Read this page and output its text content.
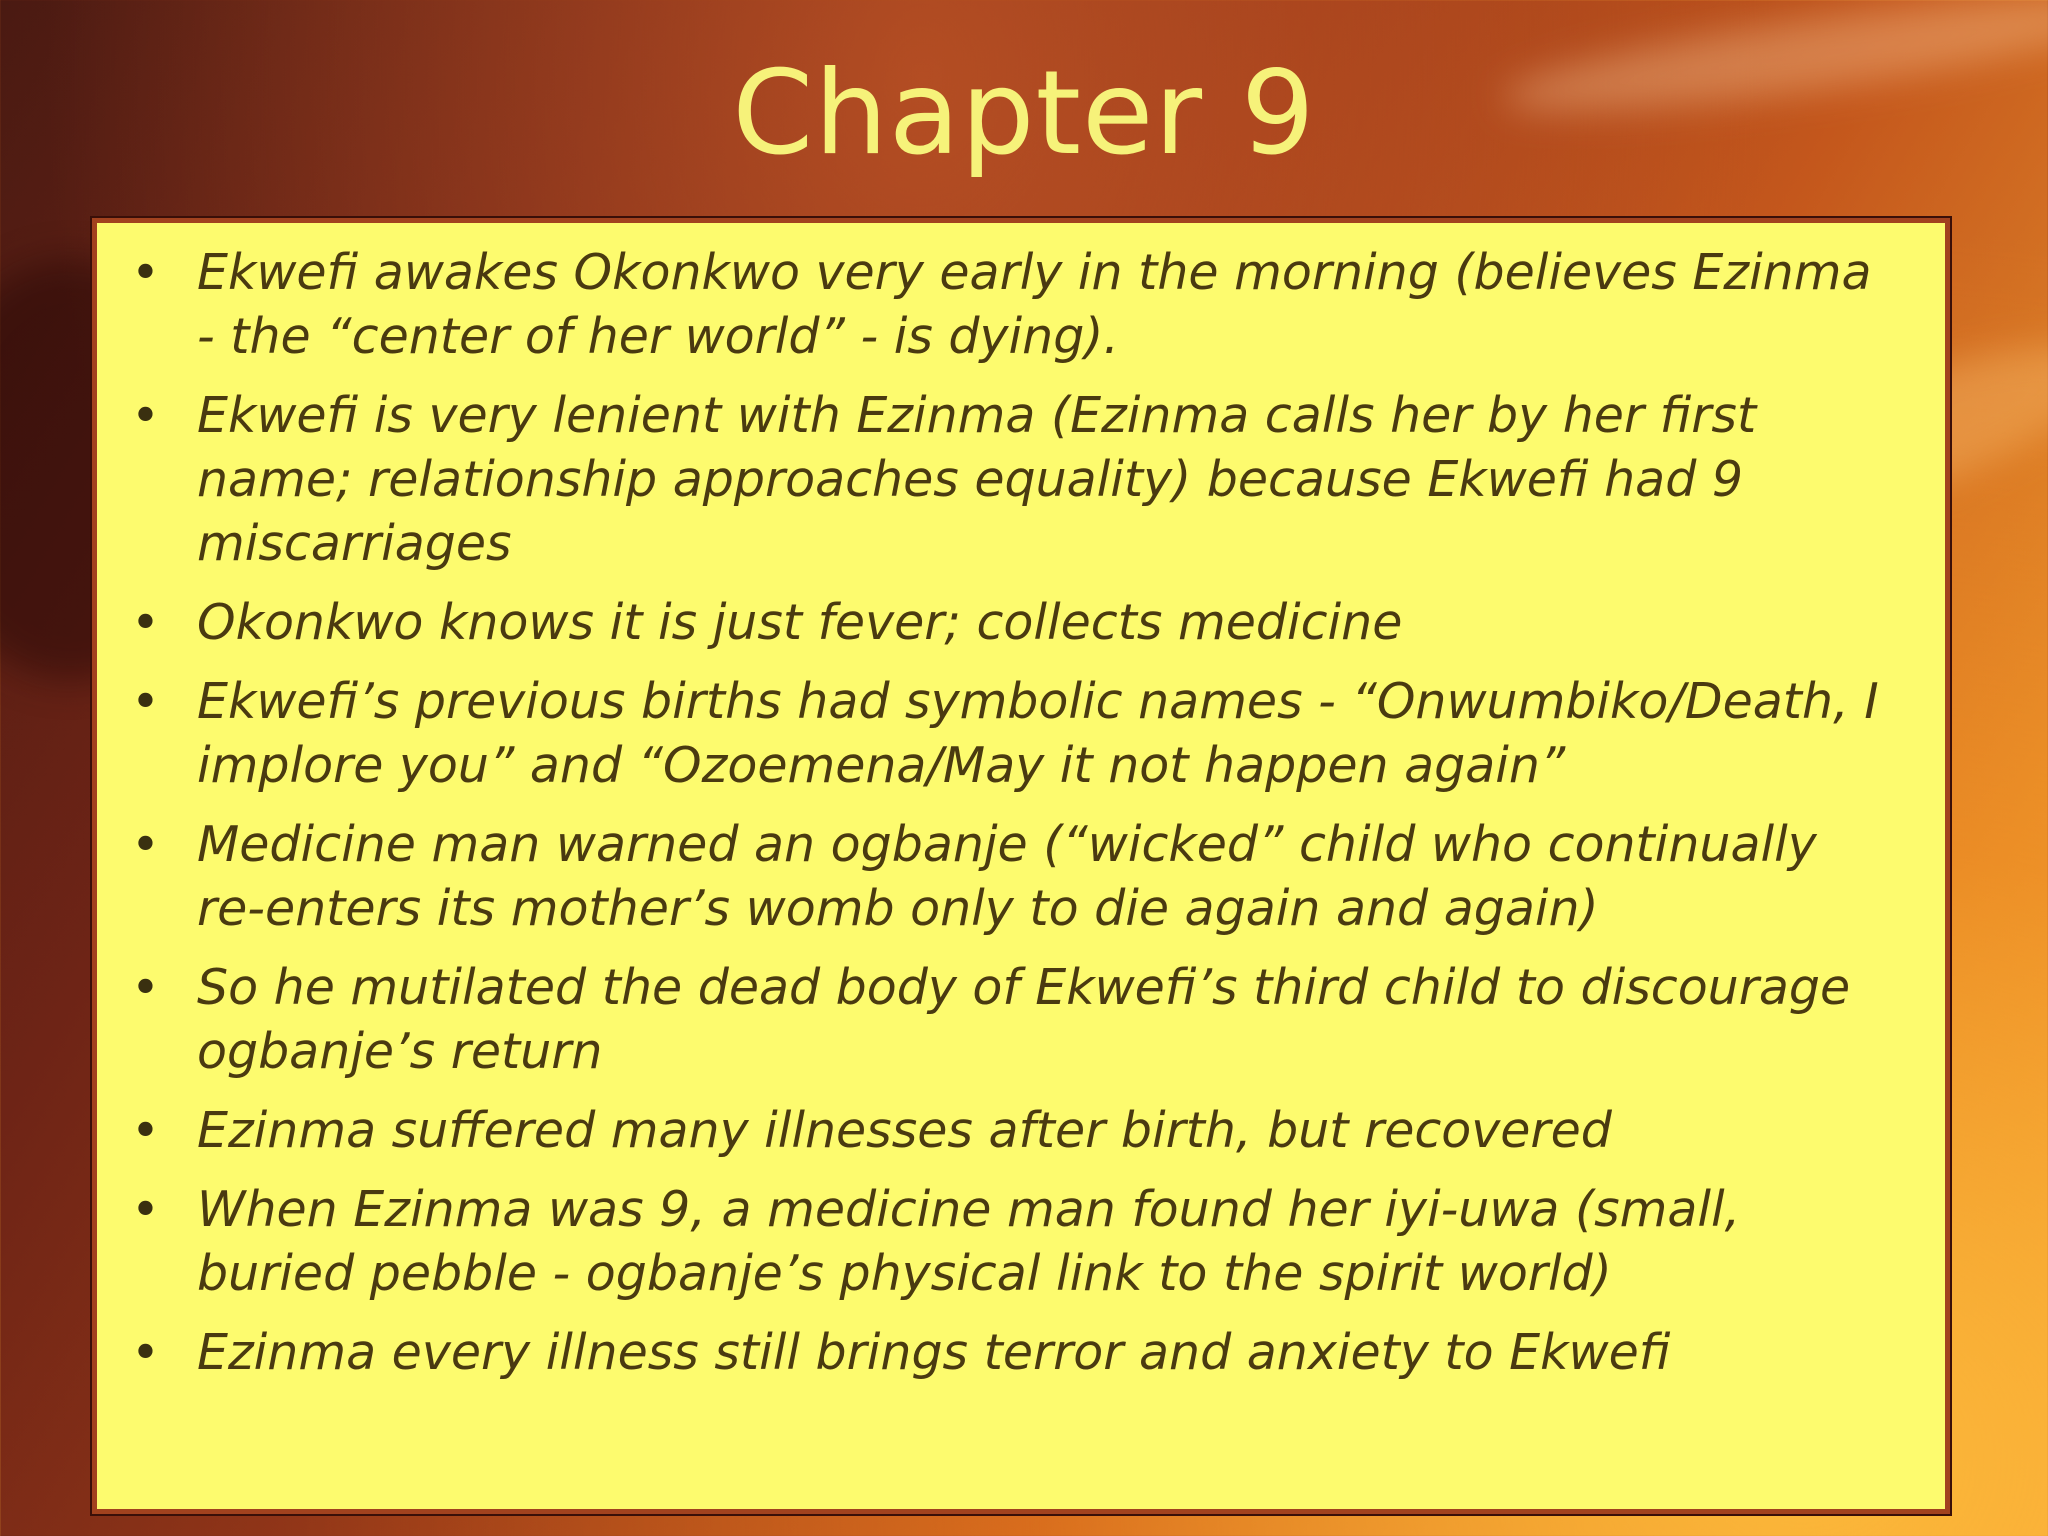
Chapter 9
• Ekwefi awakes Okonkwo very early in the morning (believes Ezinma - the “center of her world” - is dying).
• Ekwefi is very lenient with Ezinma (Ezinma calls her by her first name; relationship approaches equality) because Ekwefi had 9 miscarriages
• Okonkwo knows it is just fever; collects medicine
• Ekwefi’s previous births had symbolic names - “Onwumbiko/Death, I implore you” and “Ozoemena/May it not happen again”
• Medicine man warned an ogbanje (“wicked” child who continually re-enters its mother’s womb only to die again and again)
• So he mutilated the dead body of Ekwefi’s third child to discourage ogbanje’s return
• Ezinma suffered many illnesses after birth, but recovered
• When Ezinma was 9, a medicine man found her iyi-uwa (small, buried pebble - ogbanje’s physical link to the spirit world)
• Ezinma every illness still brings terror and anxiety to Ekwefi
